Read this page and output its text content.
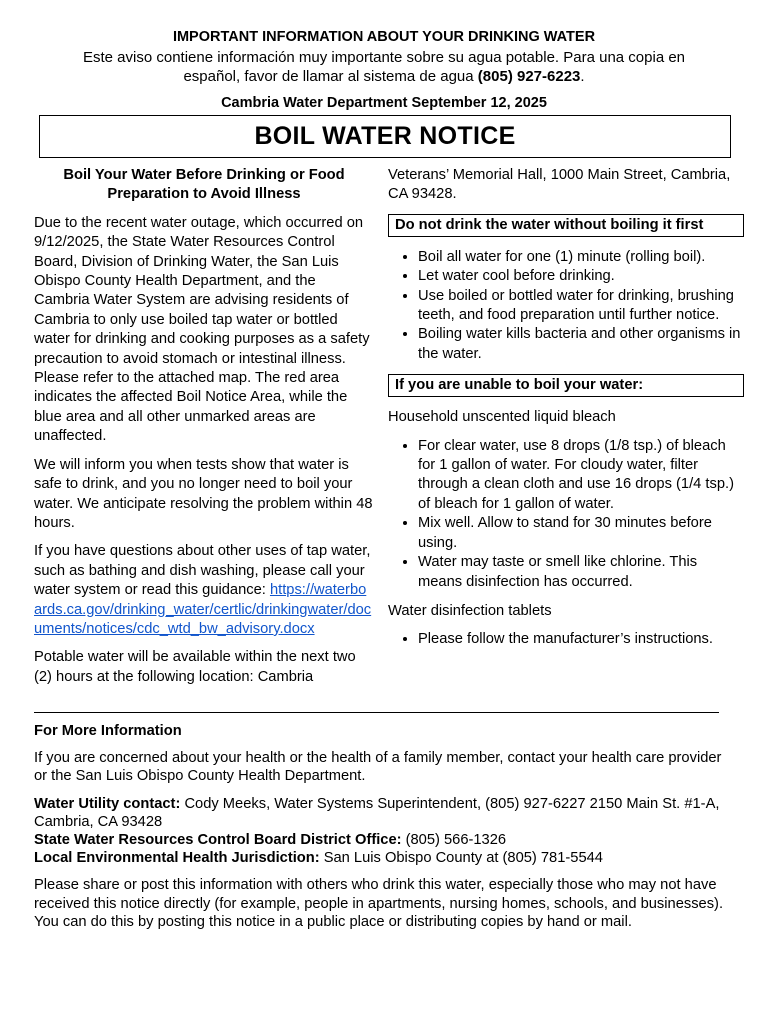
IMPORTANT INFORMATION ABOUT YOUR DRINKING WATER
Este aviso contiene información muy importante sobre su agua potable. Para una copia en español, favor de llamar al sistema de agua (805) 927-6223.
Cambria Water Department September 12, 2025
BOIL WATER NOTICE

Boil Your Water Before Drinking or Food Preparation to Avoid Illness

Due to the recent water outage, which occurred on 9/12/2025, the State Water Resources Control Board, Division of Drinking Water, the San Luis Obispo County Health Department, and the Cambria Water System are advising residents of Cambria to only use boiled tap water or bottled water for drinking and cooking purposes as a safety precaution to avoid stomach or intestinal illness. Please refer to the attached map. The red area indicates the affected Boil Notice Area, while the blue area and all other unmarked areas are unaffected.

We will inform you when tests show that water is safe to drink, and you no longer need to boil your water. We anticipate resolving the problem within 48 hours.

If you have questions about other uses of tap water, such as bathing and dish washing, please call your water system or read this guidance: https://waterboards.ca.gov/drinking_water/certlic/drinkingwater/documents/notices/cdc_wtd_bw_advisory.docx

Potable water will be available within the next two (2) hours at the following location: Cambria

Veterans’ Memorial Hall, 1000 Main Street, Cambria, CA 93428.

Do not drink the water without boiling it first
• Boil all water for one (1) minute (rolling boil).
• Let water cool before drinking.
• Use boiled or bottled water for drinking, brushing teeth, and food preparation until further notice.
• Boiling water kills bacteria and other organisms in the water.
If you are unable to boil your water:

Household unscented liquid bleach

• For clear water, use 8 drops (1/8 tsp.) of bleach for 1 gallon of water. For cloudy water, filter through a clean cloth and use 16 drops (1/4 tsp.) of bleach for 1 gallon of water.
• Mix well. Allow to stand for 30 minutes before using.
• Water may taste or smell like chlorine. This means disinfection has occurred.

Water disinfection tablets

• Please follow the manufacturer’s instructions.

For More Information

If you are concerned about your health or the health of a family member, contact your health care provider or the San Luis Obispo County Health Department.

Water Utility contact: Cody Meeks, Water Systems Superintendent, (805) 927-6227 2150 Main St. #1-A, Cambria, CA 93428
State Water Resources Control Board District Office: (805) 566-1326
Local Environmental Health Jurisdiction: San Luis Obispo County at (805) 781-5544

Please share or post this information with others who drink this water, especially those who may not have received this notice directly (for example, people in apartments, nursing homes, schools, and businesses). You can do this by posting this notice in a public place or distributing copies by hand or mail.
